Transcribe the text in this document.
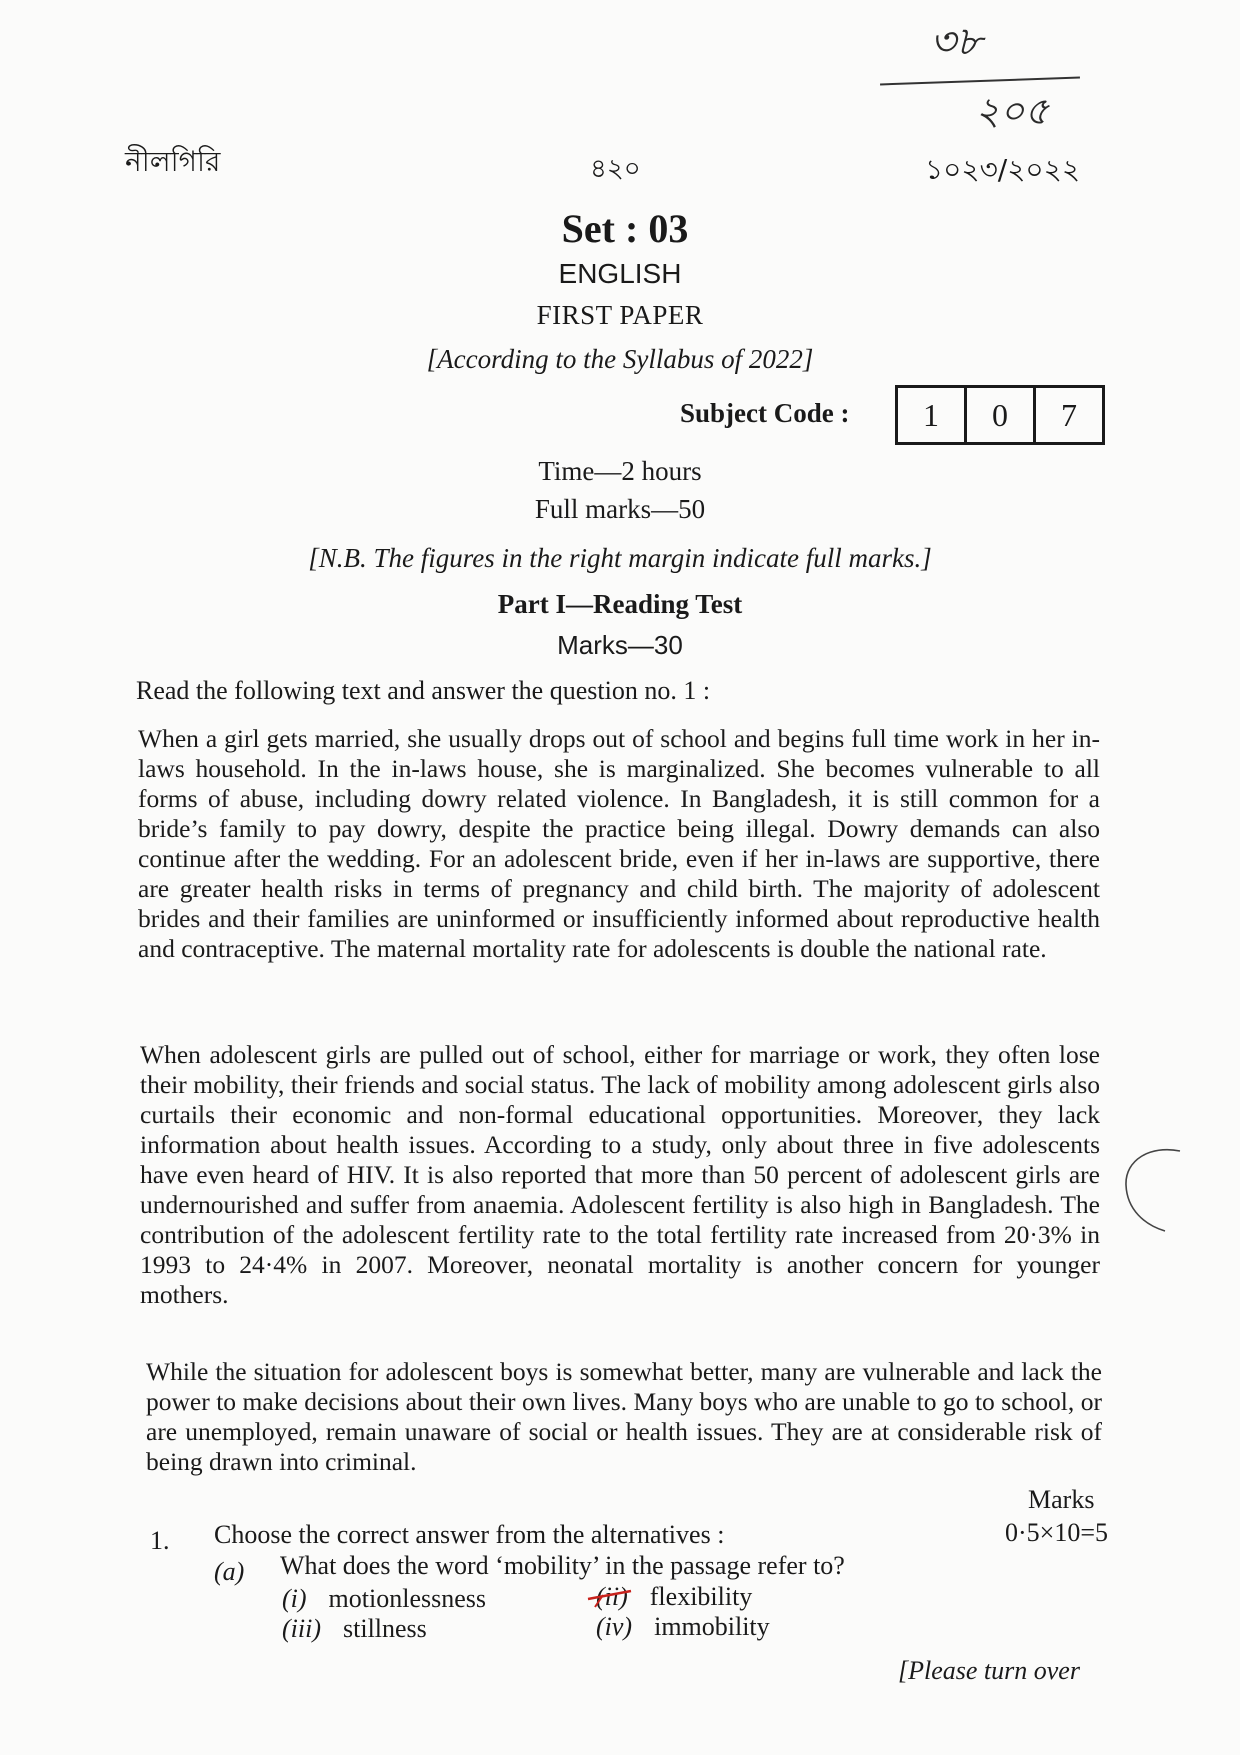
৩৮
২০৫
নীলগিরি	৪২০	১০২৩/২০২২
Set : 03
ENGLISH
FIRST PAPER
[According to the Syllabus of 2022]
Subject Code :	1	0	7
Time—2 hours
Full marks—50
[N.B. The figures in the right margin indicate full marks.]
Part I—Reading Test
Marks—30
Read the following text and answer the question no. 1 :

When a girl gets married, she usually drops out of school and begins full time work in her in-laws household. In the in-laws house, she is marginalized. She becomes vulnerable to all forms of abuse, including dowry related violence. In Bangladesh, it is still common for a bride’s family to pay dowry, despite the practice being illegal. Dowry demands can also continue after the wedding. For an adolescent bride, even if her in-laws are supportive, there are greater health risks in terms of pregnancy and child birth. The majority of adolescent brides and their families are uninformed or insufficiently informed about reproductive health and contraceptive. The maternal mortality rate for adolescents is double the national rate.

When adolescent girls are pulled out of school, either for marriage or work, they often lose their mobility, their friends and social status. The lack of mobility among adolescent girls also curtails their economic and non-formal educational opportunities. Moreover, they lack information about health issues. According to a study, only about three in five adolescents have even heard of HIV. It is also reported that more than 50 percent of adolescent girls are undernourished and suffer from anaemia. Adolescent fertility is also high in Bangladesh. The contribution of the adolescent fertility rate to the total fertility rate increased from 20·3% in 1993 to 24·4% in 2007. Moreover, neonatal mortality is another concern for younger mothers.

While the situation for adolescent boys is somewhat better, many are vulnerable and lack the power to make decisions about their own lives. Many boys who are unable to go to school, or are unemployed, remain unaware of social or health issues. They are at considerable risk of being drawn into criminal.

Marks
0·5×10=5
1. Choose the correct answer from the alternatives :
(a) What does the word ‘mobility’ in the passage refer to?
(i) motionlessness	(ii) flexibility
(iii) stillness	(iv) immobility
[Please turn over
